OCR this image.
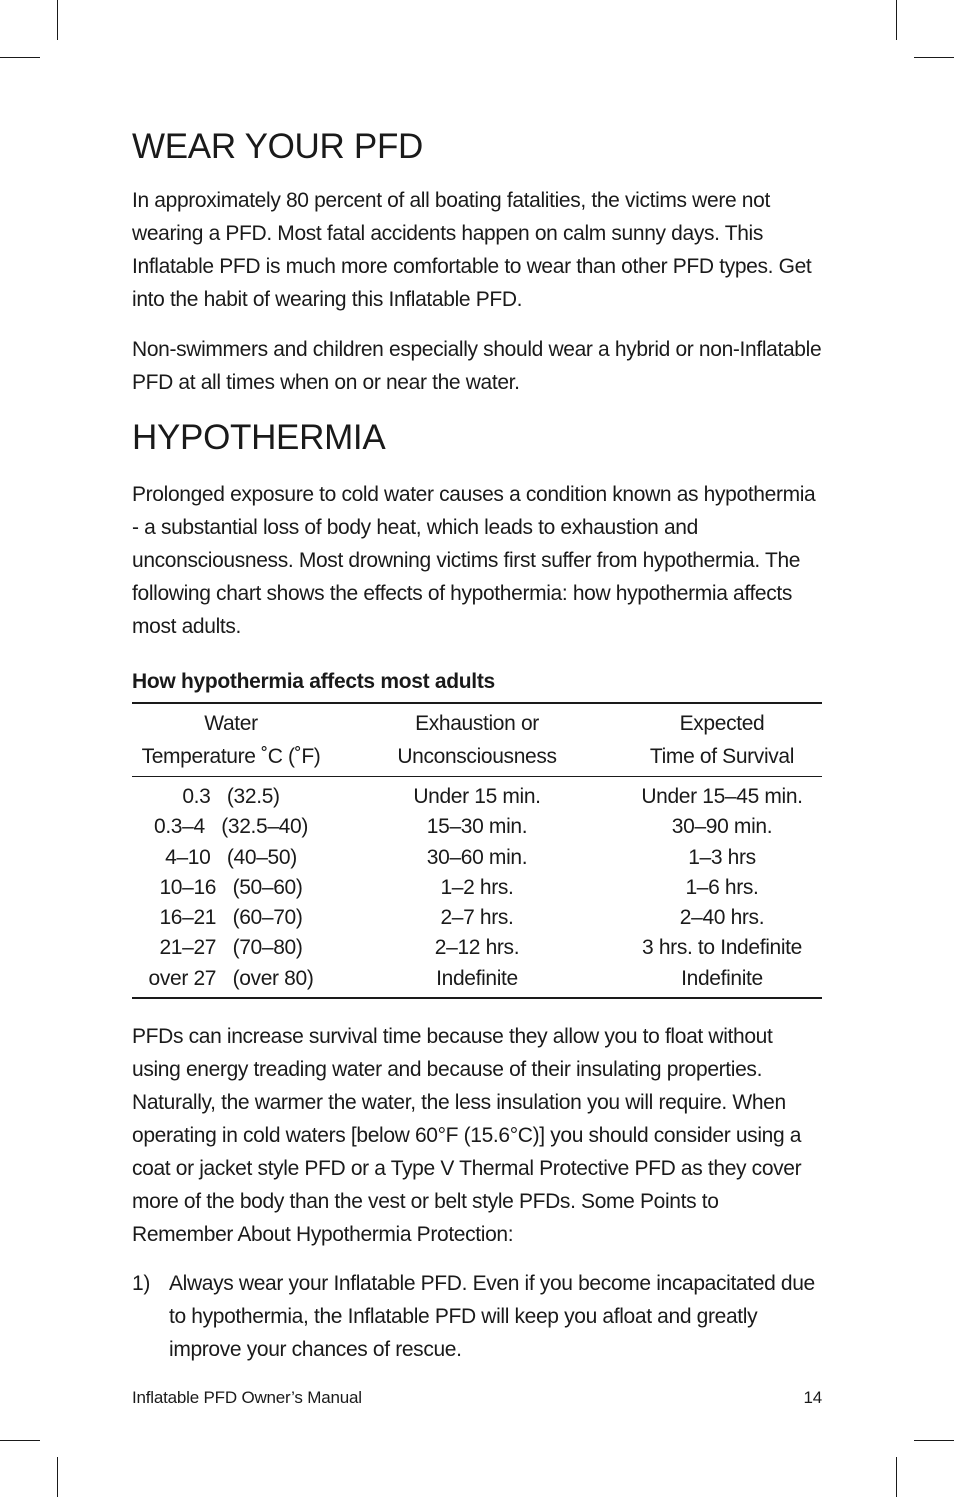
WEAR YOUR PFD

In approximately 80 percent of all boating fatalities, the victims were not wearing a PFD. Most fatal accidents happen on calm sunny days. This Inflatable PFD is much more comfortable to wear than other PFD types. Get into the habit of wearing this Inflatable PFD.

Non-swimmers and children especially should wear a hybrid or non-Inflatable PFD at all times when on or near the water.

HYPOTHERMIA

Prolonged exposure to cold water causes a condition known as hypothermia - a substantial loss of body heat, which leads to exhaustion and unconsciousness. Most drowning victims first suffer from hypothermia. The following chart shows the effects of hypothermia: how hypothermia affects most adults.

How hypothermia affects most adults
Water
Temperature ˚C (˚F)
Exhaustion or
Unconsciousness
Expected
Time of Survival
0.3   (32.5)
0.3–4   (32.5–40)
4–10   (40–50)
10–16   (50–60)
16–21   (60–70)
21–27   (70–80)
over 27   (over 80)
Under 15 min.
15–30 min.
30–60 min.
1–2 hrs.
2–7 hrs.
2–12 hrs.
Indefinite
Under 15–45 min.
30–90 min.
1–3 hrs
1–6 hrs.
2–40 hrs.
3 hrs. to Indefinite
Indefinite

PFDs can increase survival time because they allow you to float without using energy treading water and because of their insulating properties. Naturally, the warmer the water, the less insulation you will require. When operating in cold waters [below 60°F (15.6°C)] you should consider using a coat or jacket style PFD or a Type V Thermal Protective PFD as they cover more of the body than the vest or belt style PFDs. Some Points to Remember About Hypothermia Protection:

1) Always wear your Inflatable PFD. Even if you become incapacitated due to hypothermia, the Inflatable PFD will keep you afloat and greatly improve your chances of rescue.
Inflatable PFD Owner’s Manual	14
